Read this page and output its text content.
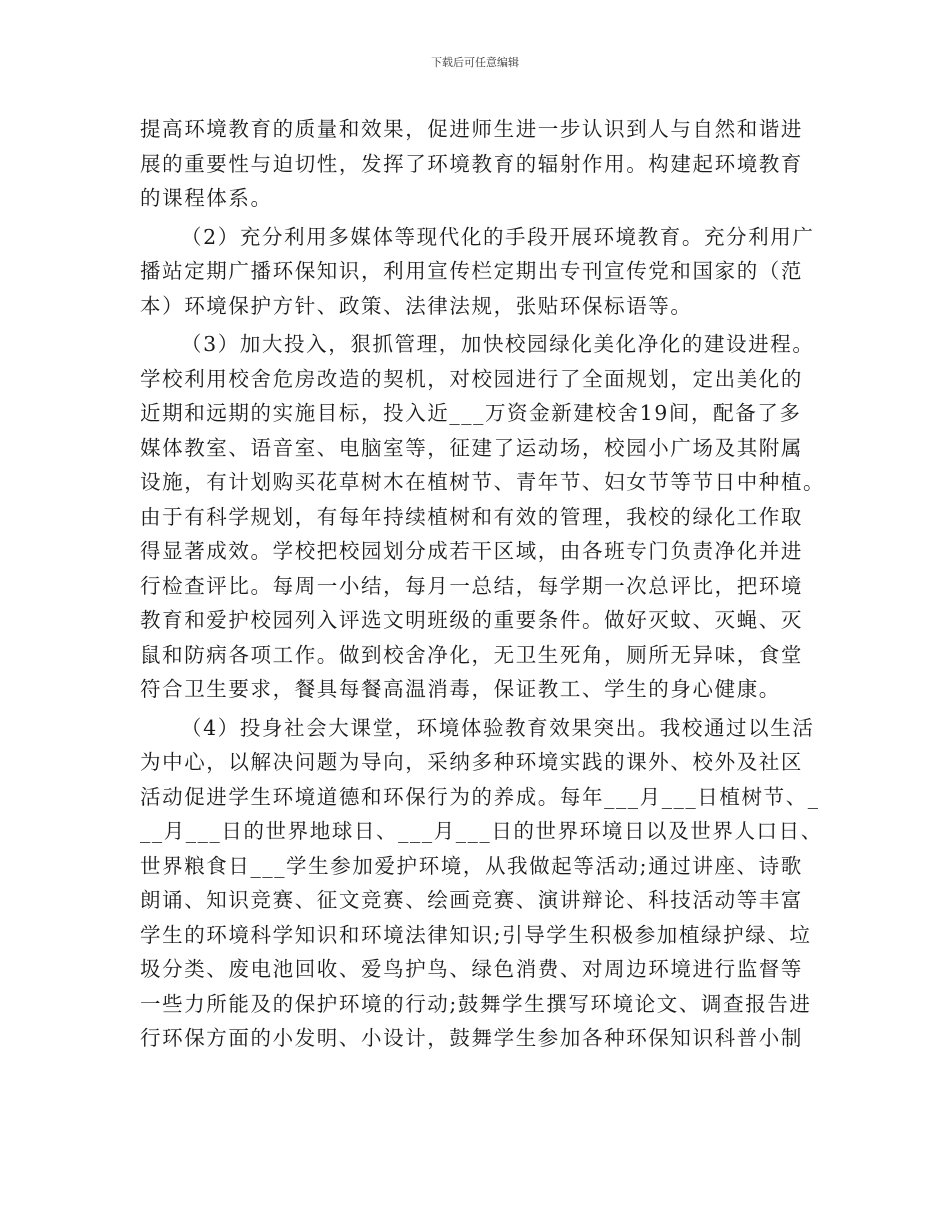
下载后可任意编辑
提高环境教育的质量和效果，促进师生进一步认识到人与自然和谐进
展的重要性与迫切性，发挥了环境教育的辐射作用。构建起环境教育
的课程体系。
（2）充分利用多媒体等现代化的手段开展环境教育。充分利用广
播站定期广播环保知识，利用宣传栏定期出专刊宣传党和国家的（范
本）环境保护方针、政策、法律法规，张贴环保标语等。
（3）加大投入，狠抓管理，加快校园绿化美化净化的建设进程。
学校利用校舍危房改造的契机，对校园进行了全面规划，定出美化的
近期和远期的实施目标，投入近___万资金新建校舍19间，配备了多
媒体教室、语音室、电脑室等，征建了运动场，校园小广场及其附属
设施，有计划购买花草树木在植树节、青年节、妇女节等节日中种植。
由于有科学规划，有每年持续植树和有效的管理，我校的绿化工作取
得显著成效。学校把校园划分成若干区域，由各班专门负责净化并进
行检查评比。每周一小结，每月一总结，每学期一次总评比，把环境
教育和爱护校园列入评选文明班级的重要条件。做好灭蚊、灭蝇、灭
鼠和防病各项工作。做到校舍净化，无卫生死角，厕所无异味，食堂
符合卫生要求，餐具每餐高温消毒，保证教工、学生的身心健康。
（4）投身社会大课堂，环境体验教育效果突出。我校通过以生活
为中心，以解决问题为导向，采纳多种环境实践的课外、校外及社区
活动促进学生环境道德和环保行为的养成。每年___月___日植树节、_
__月___日的世界地球日、___月___日的世界环境日以及世界人口日、
世界粮食日___学生参加爱护环境，从我做起等活动;通过讲座、诗歌
朗诵、知识竞赛、征文竞赛、绘画竞赛、演讲辩论、科技活动等丰富
学生的环境科学知识和环境法律知识;引导学生积极参加植绿护绿、垃
圾分类、废电池回收、爱鸟护鸟、绿色消费、对周边环境进行监督等
一些力所能及的保护环境的行动;鼓舞学生撰写环境论文、调查报告进
行环保方面的小发明、小设计，鼓舞学生参加各种环保知识科普小制
